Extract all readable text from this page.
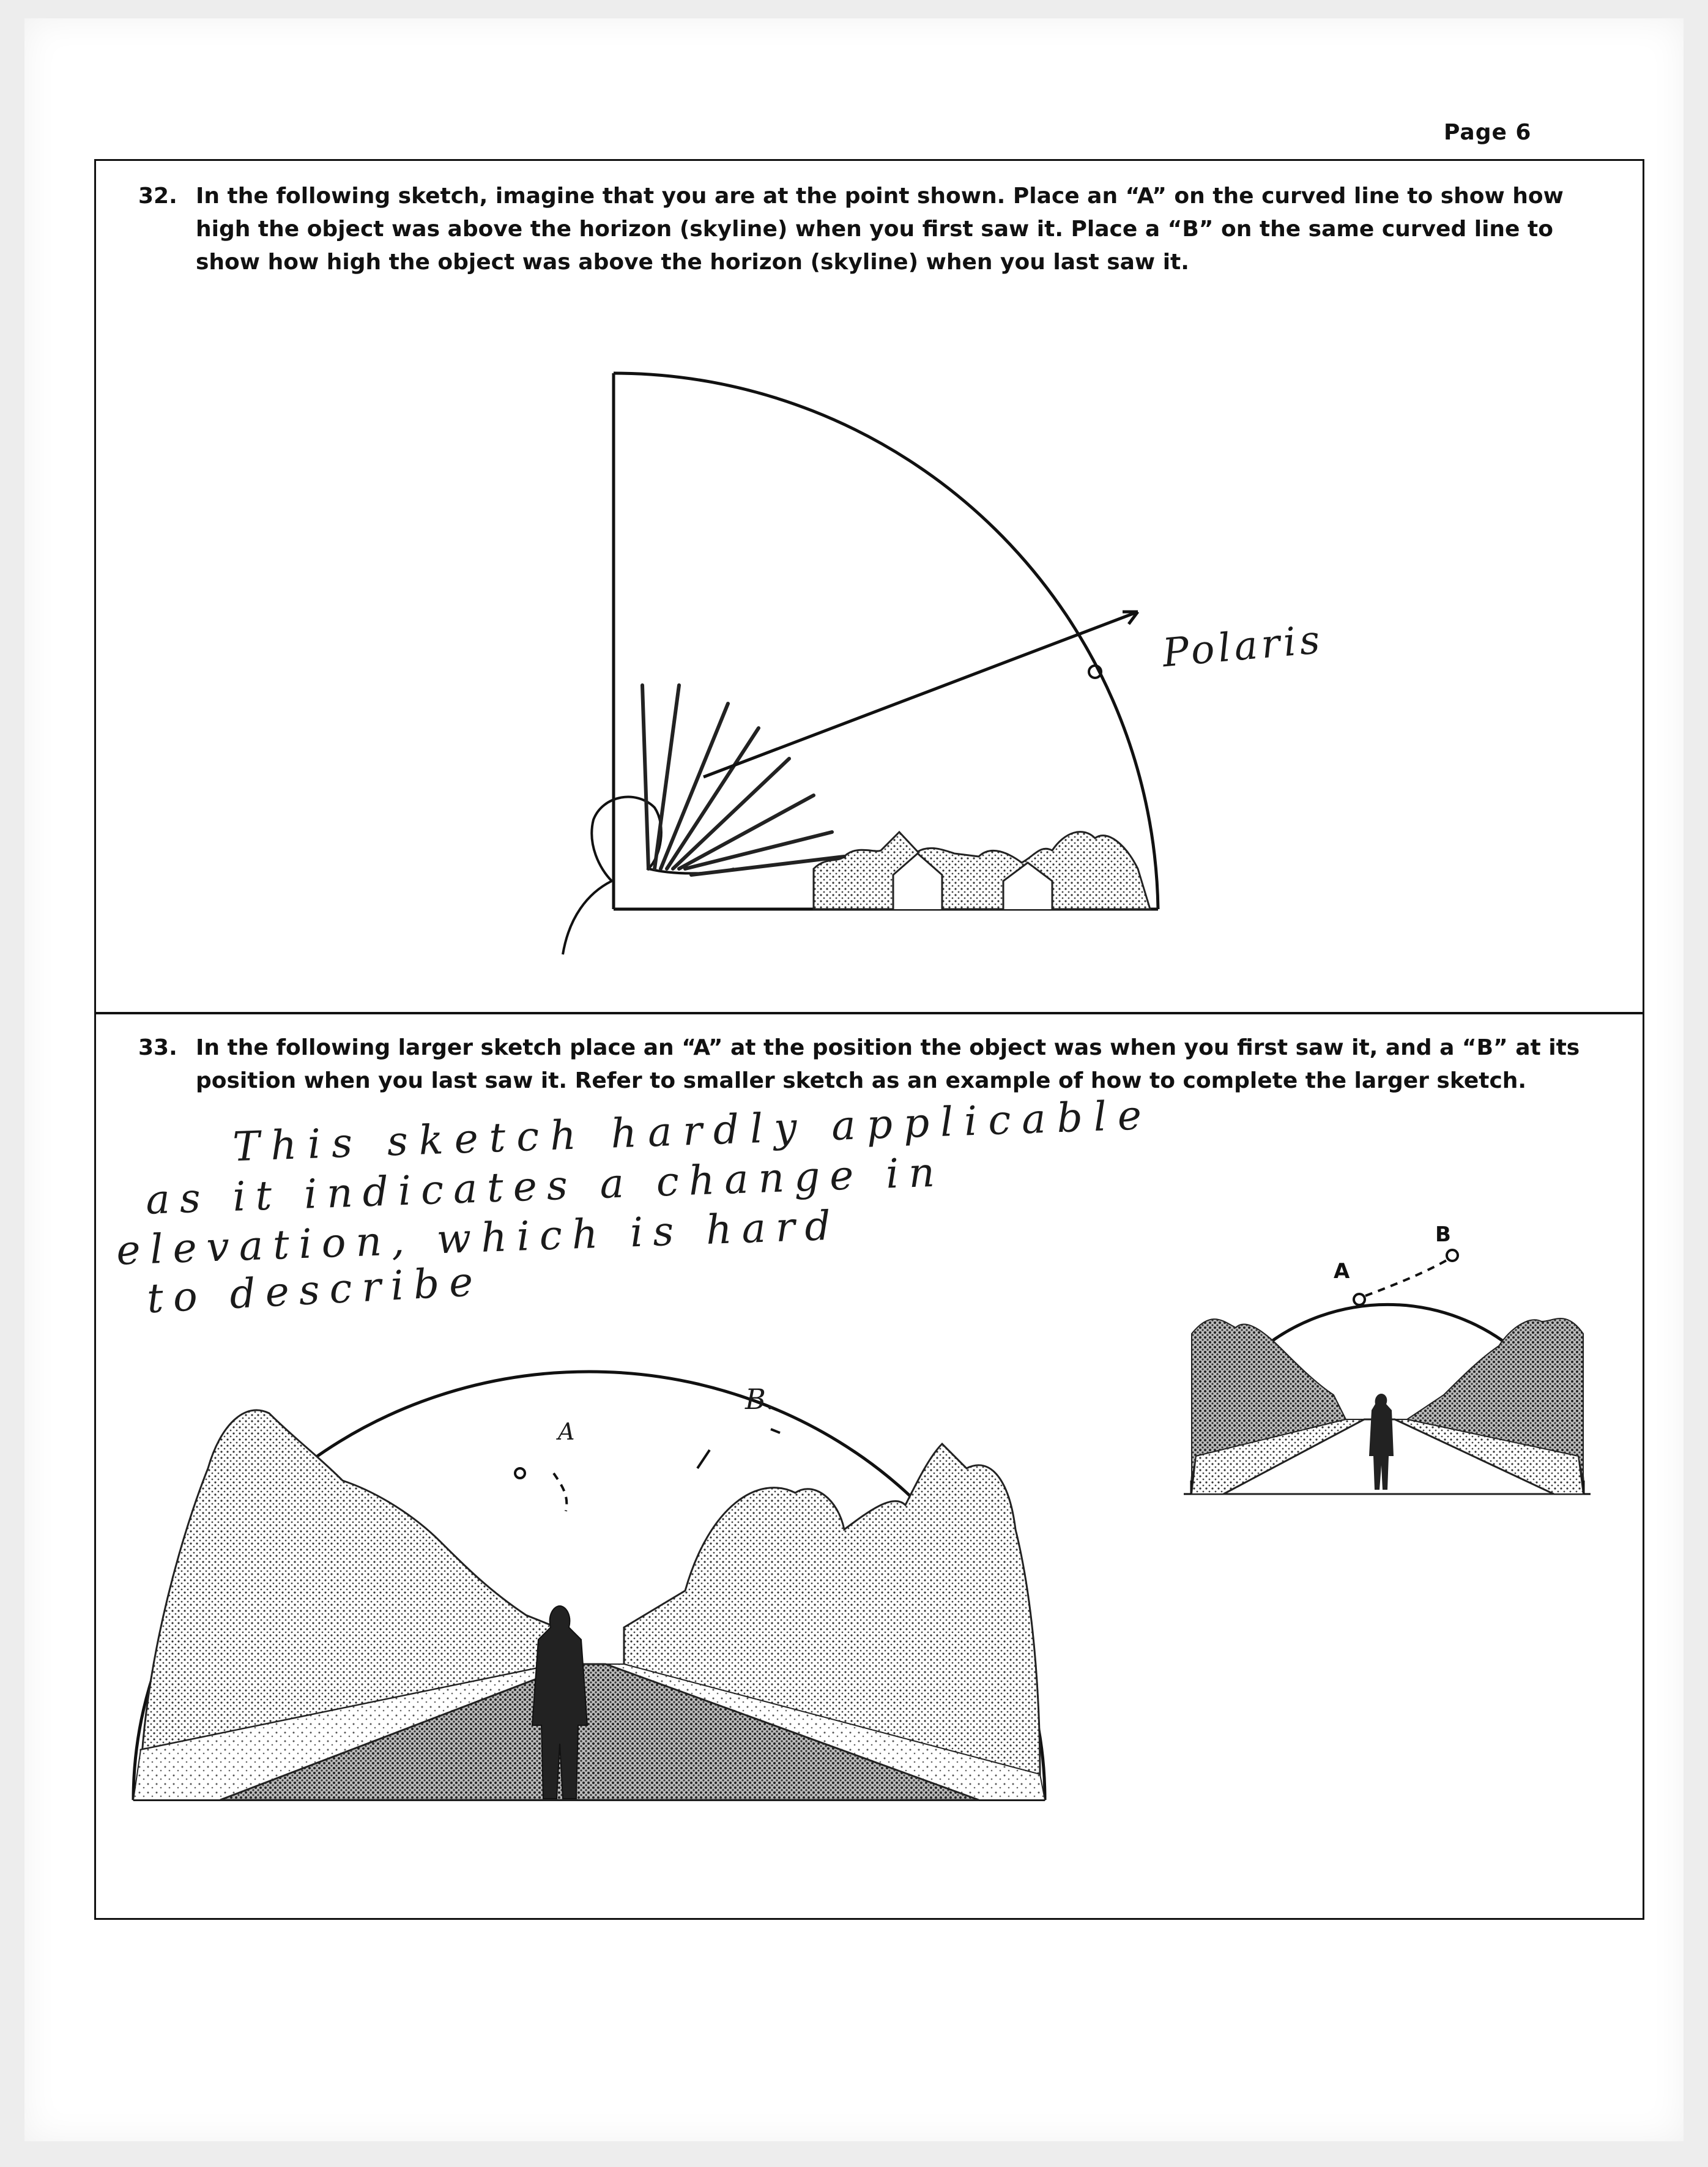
Page 6
32. In the following sketch, imagine that you are at the point shown. Place an “A” on the curved line to show how high the object was above the horizon (skyline) when you first saw it. Place a “B” on the same curved line to show how high the object was above the horizon (skyline) when you last saw it.
33. In the following larger sketch place an “A” at the position the object was when you first saw it, and a “B” at its position when you last saw it. Refer to smaller sketch as an example of how to complete the larger sketch.
Polaris
This sketch hardly applicable
as it indicates a change in
elevation, which is hard
to describe	A
B
A
B.
